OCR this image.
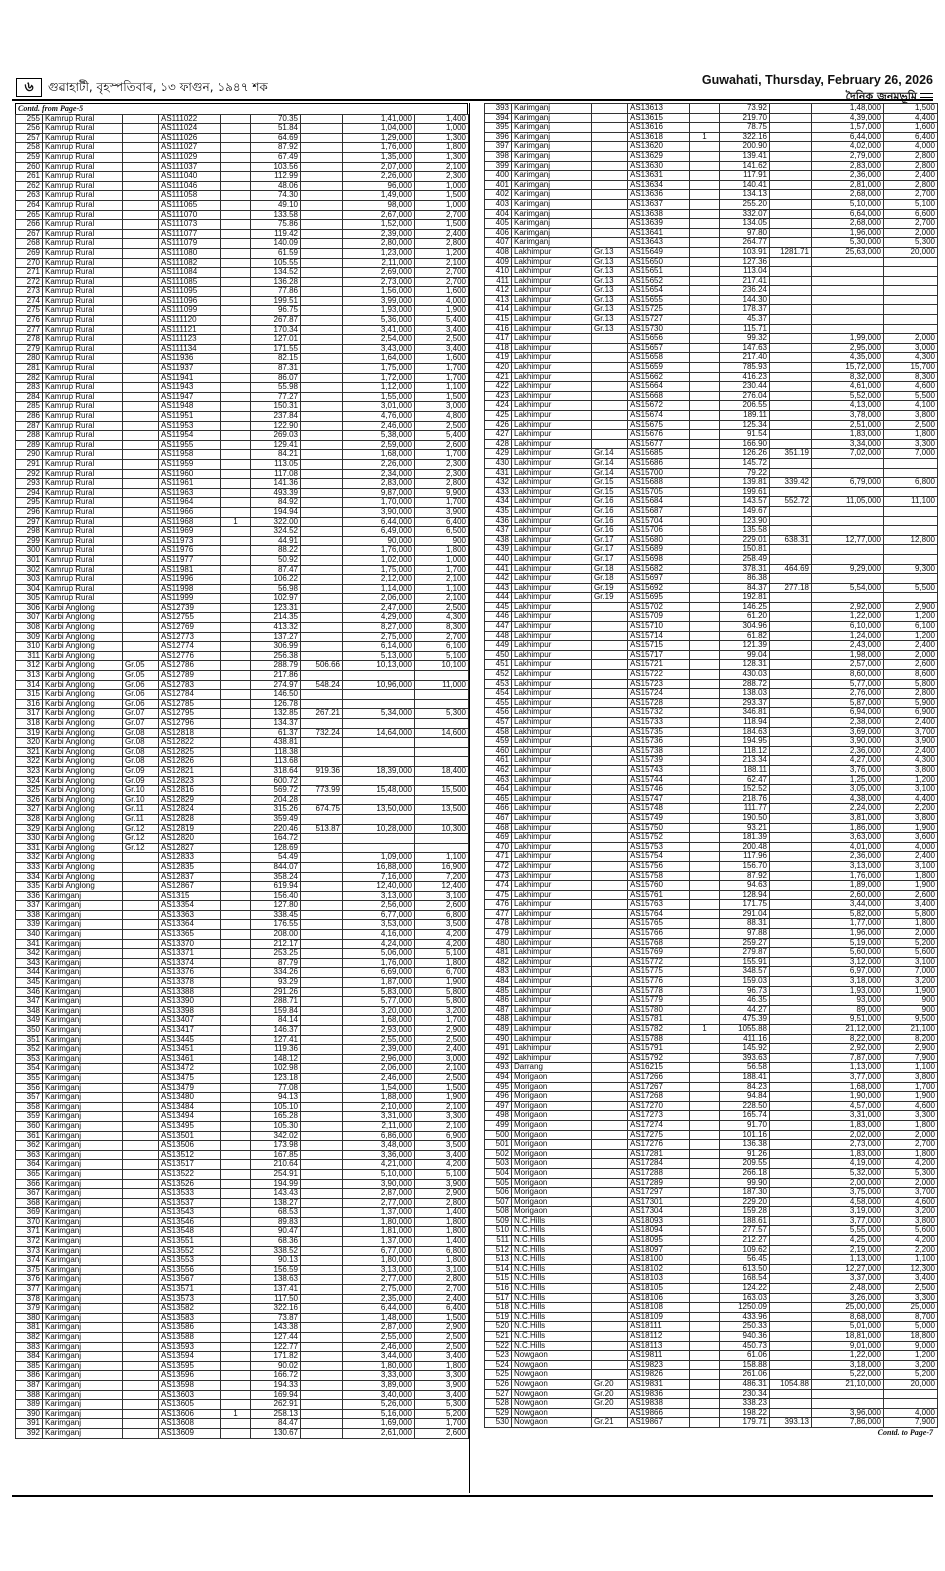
৬	গুৱাহাটী, বৃহস্পতিবাৰ, ১৩ ফাগুন, ১৯৪৭ শক	Guwahati, Thursday, February 26, 2026
দৈনিক জনমভূমি
Contd. from Page-5
255	Kamrup Rural		AS111022		70.35		1,41,000	1,400
256	Kamrup Rural		AS111024		51.84		1,04,000	1,000
257	Kamrup Rural		AS111026		64.69		1,29,000	1,300
258	Kamrup Rural		AS111027		87.92		1,76,000	1,800
259	Kamrup Rural		AS111029		67.49		1,35,000	1,300
260	Kamrup Rural		AS111037		103.56		2,07,000	2,100
261	Kamrup Rural		AS111040		112.99		2,26,000	2,300
262	Kamrup Rural		AS111046		48.06		96,000	1,000
263	Kamrup Rural		AS111058		74.30		1,49,000	1,500
264	Kamrup Rural		AS111065		49.10		98,000	1,000
265	Kamrup Rural		AS111070		133.58		2,67,000	2,700
266	Kamrup Rural		AS111073		75.86		1,52,000	1,500
267	Kamrup Rural		AS111077		119.42		2,39,000	2,400
268	Kamrup Rural		AS111079		140.09		2,80,000	2,800
269	Kamrup Rural		AS111080		61.59		1,23,000	1,200
270	Kamrup Rural		AS111082		105.55		2,11,000	2,100
271	Kamrup Rural		AS111084		134.52		2,69,000	2,700
272	Kamrup Rural		AS111085		136.28		2,73,000	2,700
273	Kamrup Rural		AS111095		77.86		1,56,000	1,600
274	Kamrup Rural		AS111096		199.51		3,99,000	4,000
275	Kamrup Rural		AS111099		96.75		1,93,000	1,900
276	Kamrup Rural		AS111120		267.87		5,36,000	5,400
277	Kamrup Rural		AS111121		170.34		3,41,000	3,400
278	Kamrup Rural		AS111123		127.01		2,54,000	2,500
279	Kamrup Rural		AS111134		171.55		3,43,000	3,400
280	Kamrup Rural		AS11936		82.15		1,64,000	1,600
281	Kamrup Rural		AS11937		87.31		1,75,000	1,700
282	Kamrup Rural		AS11941		86.07		1,72,000	1,700
283	Kamrup Rural		AS11943		55.98		1,12,000	1,100
284	Kamrup Rural		AS11947		77.27		1,55,000	1,500
285	Kamrup Rural		AS11948		150.31		3,01,000	3,000
286	Kamrup Rural		AS11951		237.84		4,76,000	4,800
287	Kamrup Rural		AS11953		122.90		2,46,000	2,500
288	Kamrup Rural		AS11954		269.03		5,38,000	5,400
289	Kamrup Rural		AS11955		129.41		2,59,000	2,600
290	Kamrup Rural		AS11958		84.21		1,68,000	1,700
291	Kamrup Rural		AS11959		113.05		2,26,000	2,300
292	Kamrup Rural		AS11960		117.08		2,34,000	2,300
293	Kamrup Rural		AS11961		141.36		2,83,000	2,800
294	Kamrup Rural		AS11963		493.39		9,87,000	9,900
295	Kamrup Rural		AS11964		84.92		1,70,000	1,700
296	Kamrup Rural		AS11966		194.94		3,90,000	3,900
297	Kamrup Rural		AS11968	1	322.00		6,44,000	6,400
298	Kamrup Rural		AS11969		324.52		6,49,000	6,500
299	Kamrup Rural		AS11973		44.91		90,000	900
300	Kamrup Rural		AS11976		88.22		1,76,000	1,800
301	Kamrup Rural		AS11977		50.92		1,02,000	1,000
302	Kamrup Rural		AS11981		87.47		1,75,000	1,700
303	Kamrup Rural		AS11996		106.22		2,12,000	2,100
304	Kamrup Rural		AS11998		56.98		1,14,000	1,100
305	Kamrup Rural		AS11999		102.97		2,06,000	2,100
306	Karbi Anglong		AS12739		123.31		2,47,000	2,500
307	Karbi Anglong		AS12755		214.35		4,29,000	4,300
308	Karbi Anglong		AS12769		413.32		8,27,000	8,300
309	Karbi Anglong		AS12773		137.27		2,75,000	2,700
310	Karbi Anglong		AS12774		306.99		6,14,000	6,100
311	Karbi Anglong		AS12776		256.38		5,13,000	5,100
312	Karbi Anglong	Gr.05	AS12786		288.79	506.66	10,13,000	10,100
313	Karbi Anglong	Gr.05	AS12789		217.86			
314	Karbi Anglong	Gr.06	AS12783		274.97	548.24	10,96,000	11,000
315	Karbi Anglong	Gr.06	AS12784		146.50			
316	Karbi Anglong	Gr.06	AS12785		126.78			
317	Karbi Anglong	Gr.07	AS12795		132.85	267.21	5,34,000	5,300
318	Karbi Anglong	Gr.07	AS12796		134.37			
319	Karbi Anglong	Gr.08	AS12818		61.37	732.24	14,64,000	14,600
320	Karbi Anglong	Gr.08	AS12822		438.81			
321	Karbi Anglong	Gr.08	AS12825		118.38			
322	Karbi Anglong	Gr.08	AS12826		113.68			
323	Karbi Anglong	Gr.09	AS12821		318.64	919.36	18,39,000	18,400
324	Karbi Anglong	Gr.09	AS12823		600.72			
325	Karbi Anglong	Gr.10	AS12816		569.72	773.99	15,48,000	15,500
326	Karbi Anglong	Gr.10	AS12829		204.28			
327	Karbi Anglong	Gr.11	AS12824		315.26	674.75	13,50,000	13,500
328	Karbi Anglong	Gr.11	AS12828		359.49			
329	Karbi Anglong	Gr.12	AS12819		220.46	513.87	10,28,000	10,300
330	Karbi Anglong	Gr.12	AS12820		164.72			
331	Karbi Anglong	Gr.12	AS12827		128.69			
332	Karbi Anglong		AS12833		54.49		1,09,000	1,100
333	Karbi Anglong		AS12835		844.07		16,88,000	16,900
334	Karbi Anglong		AS12837		358.24		7,16,000	7,200
335	Karbi Anglong		AS12867		619.94		12,40,000	12,400
336	Karimganj		AS1315		156.40		3,13,000	3,100
337	Karimganj		AS13354		127.80		2,56,000	2,600
338	Karimganj		AS13363		338.45		6,77,000	6,800
339	Karimganj		AS13364		176.55		3,53,000	3,500
340	Karimganj		AS13365		208.00		4,16,000	4,200
341	Karimganj		AS13370		212.17		4,24,000	4,200
342	Karimganj		AS13371		253.25		5,06,000	5,100
343	Karimganj		AS13374		87.79		1,76,000	1,800
344	Karimganj		AS13376		334.26		6,69,000	6,700
345	Karimganj		AS13378		93.29		1,87,000	1,900
346	Karimganj		AS13388		291.26		5,83,000	5,800
347	Karimganj		AS13390		288.71		5,77,000	5,800
348	Karimganj		AS13398		159.84		3,20,000	3,200
349	Karimganj		AS13407		84.14		1,68,000	1,700
350	Karimganj		AS13417		146.37		2,93,000	2,900
351	Karimganj		AS13445		127.41		2,55,000	2,500
352	Karimganj		AS13451		119.36		2,39,000	2,400
353	Karimganj		AS13461		148.12		2,96,000	3,000
354	Karimganj		AS13472		102.98		2,06,000	2,100
355	Karimganj		AS13475		123.18		2,46,000	2,500
356	Karimganj		AS13479		77.08		1,54,000	1,500
357	Karimganj		AS13480		94.13		1,88,000	1,900
358	Karimganj		AS13484		105.10		2,10,000	2,100
359	Karimganj		AS13494		165.28		3,31,000	3,300
360	Karimganj		AS13495		105.30		2,11,000	2,100
361	Karimganj		AS13501		342.02		6,86,000	6,900
362	Karimganj		AS13506		173.98		3,48,000	3,500
363	Karimganj		AS13512		167.85		3,36,000	3,400
364	Karimganj		AS13517		210.64		4,21,000	4,200
365	Karimganj		AS13522		254.91		5,10,000	5,100
366	Karimganj		AS13526		194.99		3,90,000	3,900
367	Karimganj		AS13533		143.43		2,87,000	2,900
368	Karimganj		AS13537		138.27		2,77,000	2,800
369	Karimganj		AS13543		68.53		1,37,000	1,400
370	Karimganj		AS13546		89.83		1,80,000	1,800
371	Karimganj		AS13548		90.47		1,81,000	1,800
372	Karimganj		AS13551		68.36		1,37,000	1,400
373	Karimganj		AS13552		338.52		6,77,000	6,800
374	Karimganj		AS13553		90.13		1,80,000	1,800
375	Karimganj		AS13556		156.59		3,13,000	3,100
376	Karimganj		AS13567		138.63		2,77,000	2,800
377	Karimganj		AS13571		137.41		2,75,000	2,700
378	Karimganj		AS13573		117.50		2,35,000	2,400
379	Karimganj		AS13582		322.16		6,44,000	6,400
380	Karimganj		AS13583		73.87		1,48,000	1,500
381	Karimganj		AS13586		143.38		2,87,000	2,900
382	Karimganj		AS13588		127.44		2,55,000	2,500
383	Karimganj		AS13593		122.77		2,46,000	2,500
384	Karimganj		AS13594		171.82		3,44,000	3,400
385	Karimganj		AS13595		90.02		1,80,000	1,800
386	Karimganj		AS13596		166.72		3,33,000	3,300
387	Karimganj		AS13598		194.33		3,89,000	3,900
388	Karimganj		AS13603		169.94		3,40,000	3,400
389	Karimganj		AS13605		262.91		5,26,000	5,300
390	Karimganj		AS13606	1	258.13		5,16,000	5,200
391	Karimganj		AS13608		84.47		1,69,000	1,700
392	Karimganj		AS13609		130.67		2,61,000	2,600
393	Karimganj		AS13613		73.92		1,48,000	1,500
394	Karimganj		AS13615		219.70		4,39,000	4,400
395	Karimganj		AS13616		78.75		1,57,000	1,600
396	Karimganj		AS13618	1	322.16		6,44,000	6,400
397	Karimganj		AS13620		200.90		4,02,000	4,000
398	Karimganj		AS13629		139.41		2,79,000	2,800
399	Karimganj		AS13630		141.62		2,83,000	2,800
400	Karimganj		AS13631		117.91		2,36,000	2,400
401	Karimganj		AS13634		140.41		2,81,000	2,800
402	Karimganj		AS13636		134.13		2,68,000	2,700
403	Karimganj		AS13637		255.20		5,10,000	5,100
404	Karimganj		AS13638		332.07		6,64,000	6,600
405	Karimganj		AS13639		134.05		2,68,000	2,700
406	Karimganj		AS13641		97.80		1,96,000	2,000
407	Karimganj		AS13643		264.77		5,30,000	5,300
408	Lakhimpur	Gr.13	AS15649		103.91	1281.71	25,63,000	20,000
409	Lakhimpur	Gr.13	AS15650		127.36			
410	Lakhimpur	Gr.13	AS15651		113.04			
411	Lakhimpur	Gr.13	AS15652		217.41			
412	Lakhimpur	Gr.13	AS15654		236.24			
413	Lakhimpur	Gr.13	AS15655		144.30			
414	Lakhimpur	Gr.13	AS15725		178.37			
415	Lakhimpur	Gr.13	AS15727		45.37			
416	Lakhimpur	Gr.13	AS15730		115.71			
417	Lakhimpur		AS15656		99.32		1,99,000	2,000
418	Lakhimpur		AS15657		147.63		2,95,000	3,000
419	Lakhimpur		AS15658		217.40		4,35,000	4,300
420	Lakhimpur		AS15659		785.93		15,72,000	15,700
421	Lakhimpur		AS15662		416.23		8,32,000	8,300
422	Lakhimpur		AS15664		230.44		4,61,000	4,600
423	Lakhimpur		AS15668		276.04		5,52,000	5,500
424	Lakhimpur		AS15672		206.55		4,13,000	4,100
425	Lakhimpur		AS15674		189.11		3,78,000	3,800
426	Lakhimpur		AS15675		125.34		2,51,000	2,500
427	Lakhimpur		AS15676		91.54		1,83,000	1,800
428	Lakhimpur		AS15677		166.90		3,34,000	3,300
429	Lakhimpur	Gr.14	AS15685		126.26	351.19	7,02,000	7,000
430	Lakhimpur	Gr.14	AS15686		145.72			
431	Lakhimpur	Gr.14	AS15700		79.22			
432	Lakhimpur	Gr.15	AS15688		139.81	339.42	6,79,000	6,800
433	Lakhimpur	Gr.15	AS15705		199.61			
434	Lakhimpur	Gr.16	AS15684		143.57	552.72	11,05,000	11,100
435	Lakhimpur	Gr.16	AS15687		149.67			
436	Lakhimpur	Gr.16	AS15704		123.90			
437	Lakhimpur	Gr.16	AS15706		135.58			
438	Lakhimpur	Gr.17	AS15680		229.01	638.31	12,77,000	12,800
439	Lakhimpur	Gr.17	AS15689		150.81			
440	Lakhimpur	Gr.17	AS15698		258.49			
441	Lakhimpur	Gr.18	AS15682		378.31	464.69	9,29,000	9,300
442	Lakhimpur	Gr.18	AS15697		86.38			
443	Lakhimpur	Gr.19	AS15692		84.37	277.18	5,54,000	5,500
444	Lakhimpur	Gr.19	AS15695		192.81			
445	Lakhimpur		AS15702		146.25		2,92,000	2,900
446	Lakhimpur		AS15709		61.20		1,22,000	1,200
447	Lakhimpur		AS15710		304.96		6,10,000	6,100
448	Lakhimpur		AS15714		61.82		1,24,000	1,200
449	Lakhimpur		AS15715		121.39		2,43,000	2,400
450	Lakhimpur		AS15717		99.04		1,98,000	2,000
451	Lakhimpur		AS15721		128.31		2,57,000	2,600
452	Lakhimpur		AS15722		430.03		8,60,000	8,600
453	Lakhimpur		AS15723		288.72		5,77,000	5,800
454	Lakhimpur		AS15724		138.03		2,76,000	2,800
455	Lakhimpur		AS15728		293.37		5,87,000	5,900
456	Lakhimpur		AS15732		346.81		6,94,000	6,900
457	Lakhimpur		AS15733		118.94		2,38,000	2,400
458	Lakhimpur		AS15735		184.63		3,69,000	3,700
459	Lakhimpur		AS15736		194.95		3,90,000	3,900
460	Lakhimpur		AS15738		118.12		2,36,000	2,400
461	Lakhimpur		AS15739		213.34		4,27,000	4,300
462	Lakhimpur		AS15743		188.11		3,76,000	3,800
463	Lakhimpur		AS15744		62.47		1,25,000	1,200
464	Lakhimpur		AS15746		152.52		3,05,000	3,100
465	Lakhimpur		AS15747		218.76		4,38,000	4,400
466	Lakhimpur		AS15748		111.77		2,24,000	2,200
467	Lakhimpur		AS15749		190.50		3,81,000	3,800
468	Lakhimpur		AS15750		93.21		1,86,000	1,900
469	Lakhimpur		AS15752		181.39		3,63,000	3,600
470	Lakhimpur		AS15753		200.48		4,01,000	4,000
471	Lakhimpur		AS15754		117.96		2,36,000	2,400
472	Lakhimpur		AS15756		156.70		3,13,000	3,100
473	Lakhimpur		AS15758		87.92		1,76,000	1,800
474	Lakhimpur		AS15760		94.63		1,89,000	1,900
475	Lakhimpur		AS15761		128.94		2,60,000	2,600
476	Lakhimpur		AS15763		171.75		3,44,000	3,400
477	Lakhimpur		AS15764		291.04		5,82,000	5,800
478	Lakhimpur		AS15765		88.31		1,77,000	1,800
479	Lakhimpur		AS15766		97.88		1,96,000	2,000
480	Lakhimpur		AS15768		259.27		5,19,000	5,200
481	Lakhimpur		AS15769		279.87		5,60,000	5,600
482	Lakhimpur		AS15772		155.91		3,12,000	3,100
483	Lakhimpur		AS15775		348.57		6,97,000	7,000
484	Lakhimpur		AS15776		159.03		3,18,000	3,200
485	Lakhimpur		AS15778		96.73		1,93,000	1,900
486	Lakhimpur		AS15779		46.35		93,000	900
487	Lakhimpur		AS15780		44.27		89,000	900
488	Lakhimpur		AS15781		475.39		9,51,000	9,500
489	Lakhimpur		AS15782	1	1055.88		21,12,000	21,100
490	Lakhimpur		AS15788		411.16		8,22,000	8,200
491	Lakhimpur		AS15791		145.92		2,92,000	2,900
492	Lakhimpur		AS15792		393.63		7,87,000	7,900
493	Darrang		AS16215		56.58		1,13,000	1,100
494	Morigaon		AS17266		188.41		3,77,000	3,800
495	Morigaon		AS17267		84.23		1,68,000	1,700
496	Morigaon		AS17268		94.84		1,90,000	1,900
497	Morigaon		AS17270		228.50		4,57,000	4,600
498	Morigaon		AS17273		165.74		3,31,000	3,300
499	Morigaon		AS17274		91.70		1,83,000	1,800
500	Morigaon		AS17275		101.16		2,02,000	2,000
501	Morigaon		AS17276		136.38		2,73,000	2,700
502	Morigaon		AS17281		91.26		1,83,000	1,800
503	Morigaon		AS17284		209.55		4,19,000	4,200
504	Morigaon		AS17288		266.18		5,32,000	5,300
505	Morigaon		AS17289		99.90		2,00,000	2,000
506	Morigaon		AS17297		187.30		3,75,000	3,700
507	Morigaon		AS17301		229.20		4,58,000	4,600
508	Morigaon		AS17304		159.28		3,19,000	3,200
509	N.C.Hills		AS18093		188.61		3,77,000	3,800
510	N.C.Hills		AS18094		277.57		5,55,000	5,600
511	N.C.Hills		AS18095		212.27		4,25,000	4,200
512	N.C.Hills		AS18097		109.62		2,19,000	2,200
513	N.C.Hills		AS18100		56.45		1,13,000	1,100
514	N.C.Hills		AS18102		613.50		12,27,000	12,300
515	N.C.Hills		AS18103		168.54		3,37,000	3,400
516	N.C.Hills		AS18105		124.22		2,48,000	2,500
517	N.C.Hills		AS18106		163.03		3,26,000	3,300
518	N.C.Hills		AS18108		1250.09		25,00,000	25,000
519	N.C.Hills		AS18109		433.96		8,68,000	8,700
520	N.C.Hills		AS18111		250.33		5,01,000	5,000
521	N.C.Hills		AS18112		940.36		18,81,000	18,800
522	N.C.Hills		AS18113		450.73		9,01,000	9,000
523	Nowgaon		AS19811		61.06		1,22,000	1,200
524	Nowgaon		AS19823		158.88		3,18,000	3,200
525	Nowgaon		AS19826		261.06		5,22,000	5,200
526	Nowgaon	Gr.20	AS19831		486.31	1054.88	21,10,000	20,000
527	Nowgaon	Gr.20	AS19836		230.34			
528	Nowgaon	Gr.20	AS19838		338.23			
529	Nowgaon		AS19866		198.22		3,96,000	4,000
530	Nowgaon	Gr.21	AS19867		179.71	393.13	7,86,000	7,900
Contd. to Page-7
